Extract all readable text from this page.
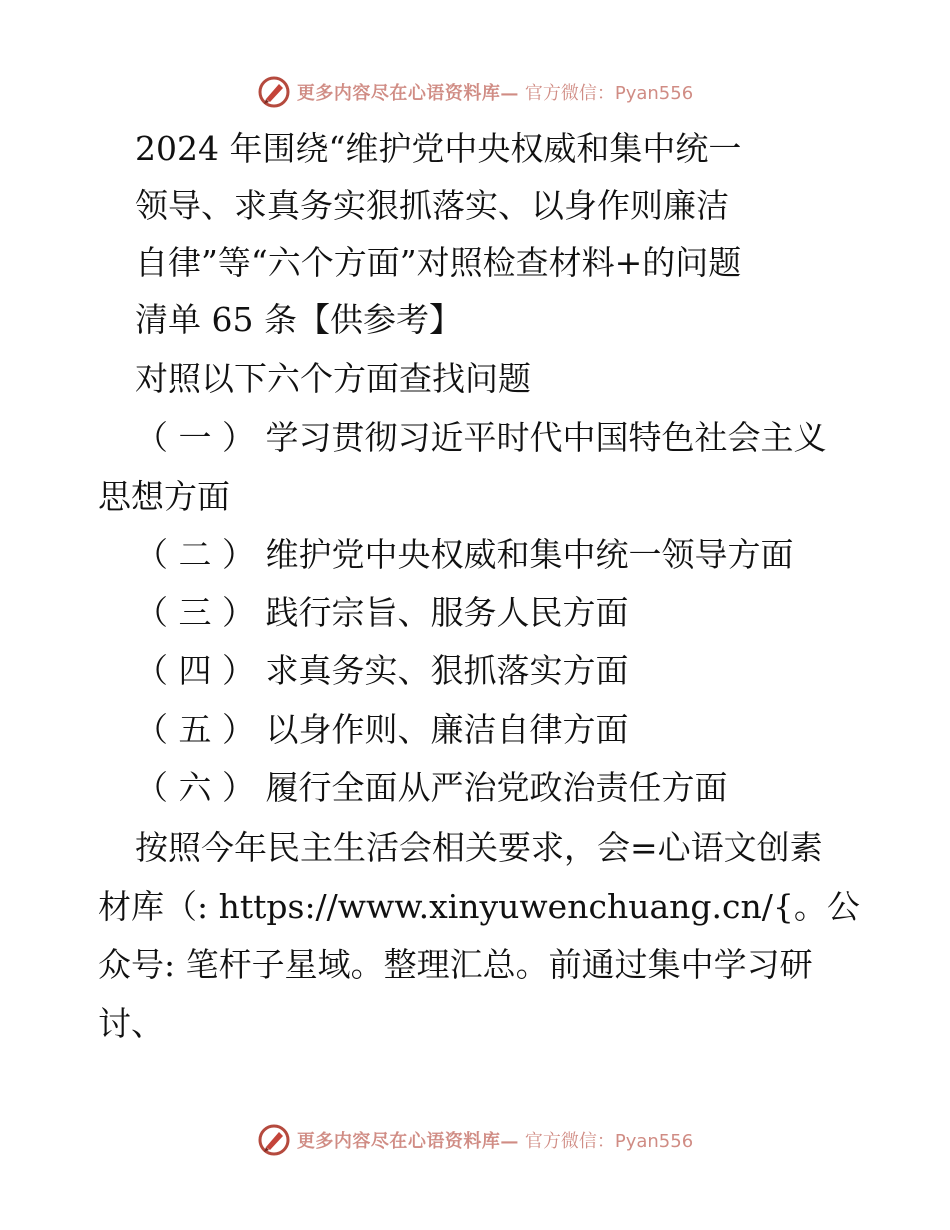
更多内容尽在心语资料库— 官方微信：Pyan556
2024 年围绕“维护党中央权威和集中统一
领导、求真务实狠抓落实、以身作则廉洁
自律”等“六个方面”对照检查材料+的问题
清单 65 条【供参考】
对照以下六个方面查找问题
（ 一 ） 学习贯彻习近平时代中国特色社会主义
思想方面
（ 二 ） 维护党中央权威和集中统一领导方面
（ 三 ） 践行宗旨、服务人民方面
（ 四 ） 求真务实、狠抓落实方面
（ 五 ） 以身作则、廉洁自律方面
（ 六 ） 履行全面从严治党政治责任方面
按照今年民主生活会相关要求，会=心语文创素
材库（: https://www.xinyuwenchuang.cn/{。公
众号: 笔杆子星域。整理汇总。前通过集中学习研
讨、
更多内容尽在心语资料库— 官方微信：Pyan556
